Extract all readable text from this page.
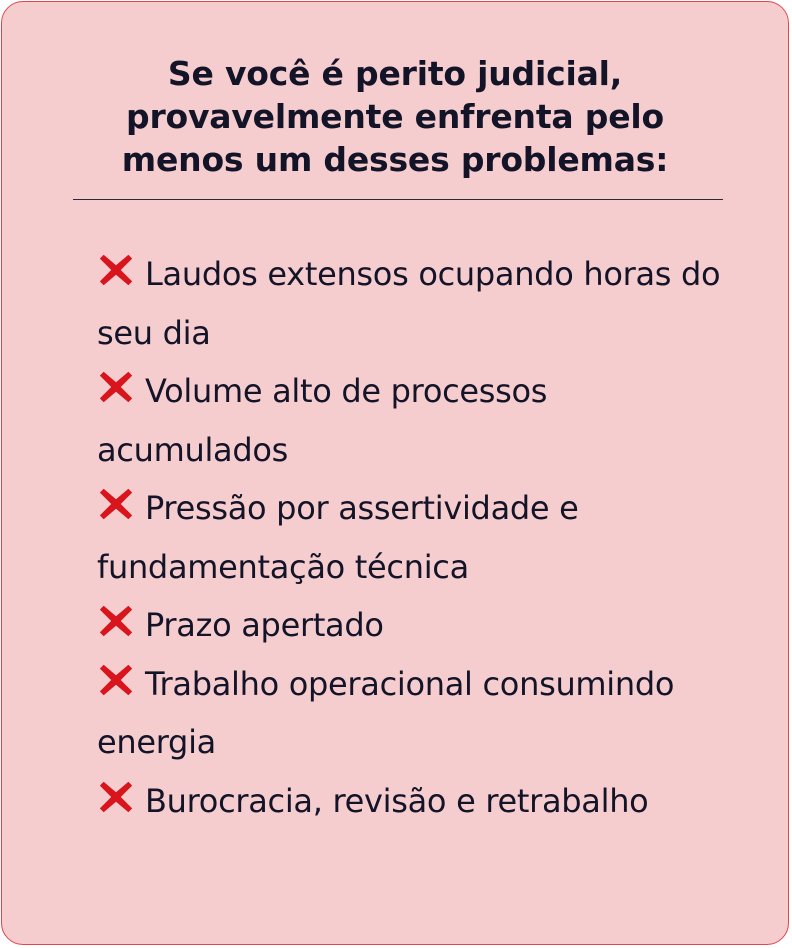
Se você é perito judicial, provavelmente enfrenta pelo menos um desses problemas:
Laudos extensos ocupando horas do seu dia
Volume alto de processos acumulados
Pressão por assertividade e fundamentação técnica
Prazo apertado
Trabalho operacional consumindo energia
Burocracia, revisão e retrabalho
